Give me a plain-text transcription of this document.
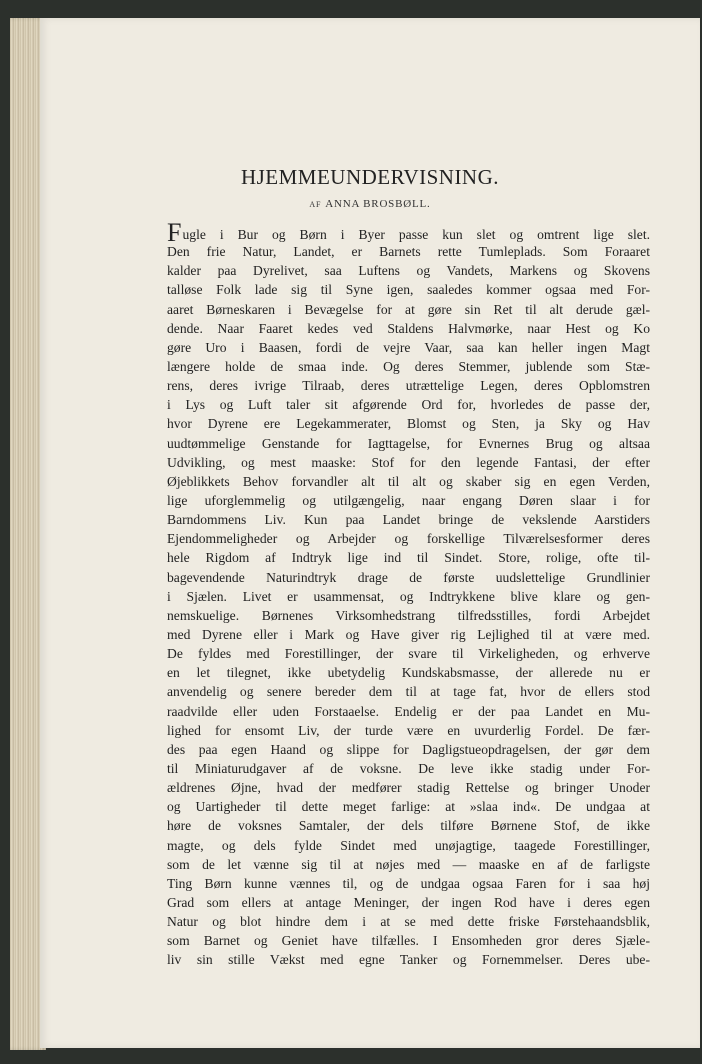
HJEMMEUNDERVISNING.
AF ANNA BROSBØLL.
Fugle i Bur og Børn i Byer passe kun slet og omtrent lige slet.
Den frie Natur, Landet, er Barnets rette Tumleplads. Som Foraaret
kalder paa Dyrelivet, saa Luftens og Vandets, Markens og Skovens
talløse Folk lade sig til Syne igen, saaledes kommer ogsaa med For-
aaret Børneskaren i Bevægelse for at gøre sin Ret til alt derude gæl-
dende. Naar Faaret kedes ved Staldens Halvmørke, naar Hest og Ko
gøre Uro i Baasen, fordi de vejre Vaar, saa kan heller ingen Magt
længere holde de smaa inde. Og deres Stemmer, jublende som Stæ-
rens, deres ivrige Tilraab, deres utrættelige Legen, deres Opblomstren
i Lys og Luft taler sit afgørende Ord for, hvorledes de passe der,
hvor Dyrene ere Legekammerater, Blomst og Sten, ja Sky og Hav
uudtømmelige Genstande for Iagttagelse, for Evnernes Brug og altsaa
Udvikling, og mest maaske: Stof for den legende Fantasi, der efter
Øjeblikkets Behov forvandler alt til alt og skaber sig en egen Verden,
lige uforglemmelig og utilgængelig, naar engang Døren slaar i for
Barndommens Liv. Kun paa Landet bringe de vekslende Aarstiders
Ejendommeligheder og Arbejder og forskellige Tilværelsesformer deres
hele Rigdom af Indtryk lige ind til Sindet. Store, rolige, ofte til-
bagevendende Naturindtryk drage de første uudslettelige Grundlinier
i Sjælen. Livet er usammensat, og Indtrykkene blive klare og gen-
nemskuelige. Børnenes Virksomhedstrang tilfredsstilles, fordi Arbejdet
med Dyrene eller i Mark og Have giver rig Lejlighed til at være med.
De fyldes med Forestillinger, der svare til Virkeligheden, og erhverve
en let tilegnet, ikke ubetydelig Kundskabsmasse, der allerede nu er
anvendelig og senere bereder dem til at tage fat, hvor de ellers stod
raadvilde eller uden Forstaaelse. Endelig er der paa Landet en Mu-
lighed for ensomt Liv, der turde være en uvurderlig Fordel. De fær-
des paa egen Haand og slippe for Dagligstueopdragelsen, der gør dem
til Miniaturudgaver af de voksne. De leve ikke stadig under For-
ældrenes Øjne, hvad der medfører stadig Rettelse og bringer Unoder
og Uartigheder til dette meget farlige: at »slaa ind«. De undgaa at
høre de voksnes Samtaler, der dels tilføre Børnene Stof, de ikke
magte, og dels fylde Sindet med unøjagtige, taagede Forestillinger,
som de let vænne sig til at nøjes med — maaske en af de farligste
Ting Børn kunne vænnes til, og de undgaa ogsaa Faren for i saa høj
Grad som ellers at antage Meninger, der ingen Rod have i deres egen
Natur og blot hindre dem i at se med dette friske Førstehaandsblik,
som Barnet og Geniet have tilfælles. I Ensomheden gror deres Sjæle-
liv sin stille Vækst med egne Tanker og Fornemmelser. Deres ube-
